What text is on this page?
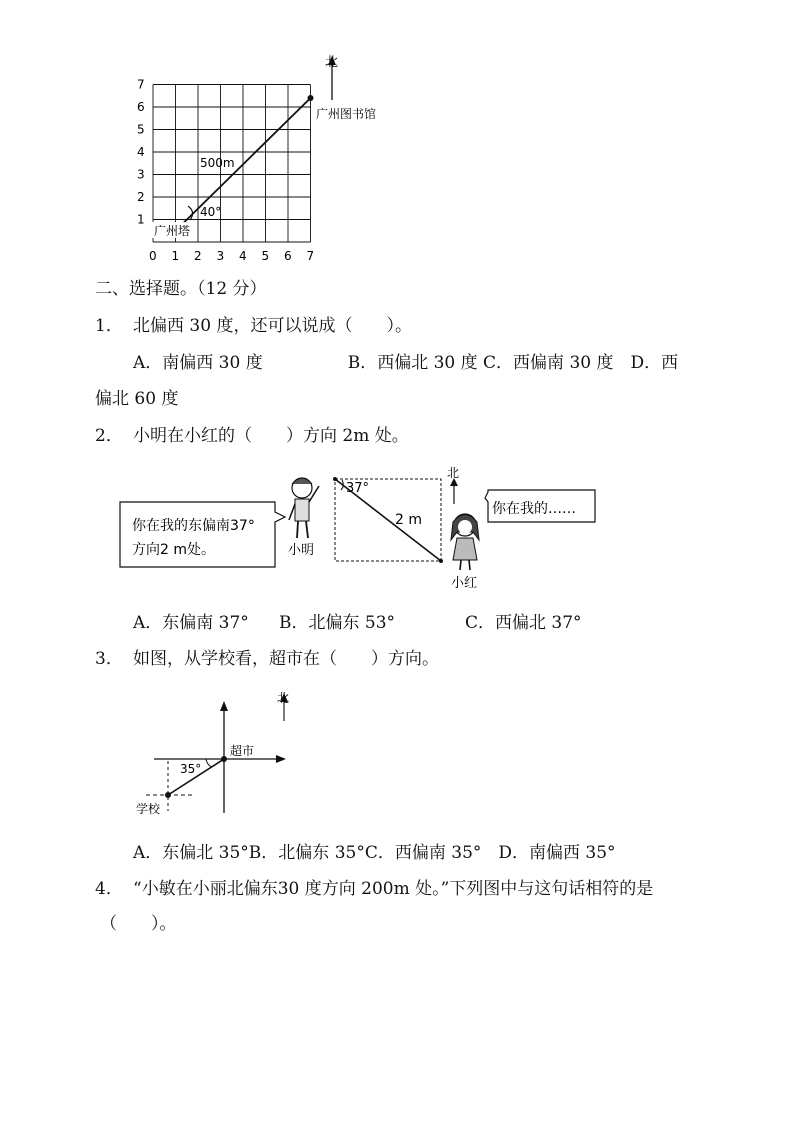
0 1 2 3 4 5 6 7
1
2
3
4
5
6
7
北
40°
500m
广州塔
广州图书馆
二、选择题。（12 分）
1． 北偏西 30 度，还可以说成（　　）。
A．南偏西 30 度　　　　　B．西偏北 30 度 C．西偏南 30 度　D．西
偏北 60 度
2． 小明在小红的（　　）方向 2m 处。
你在我的东偏南37°
方向2 m处。	小明
37°
2 m
北
小红
你在我的……
A．东偏南 37° B．北偏东 53°	C．西偏北 37°
3． 如图，从学校看，超市在（　　）方向。
北
35°
超市
学校
A．东偏北 35°B．北偏东 35°C．西偏南 35°　D．南偏西 35°
4． “小敏在小丽北偏东30 度方向 200m 处。”下列图中与这句话相符的是
（　　）。
